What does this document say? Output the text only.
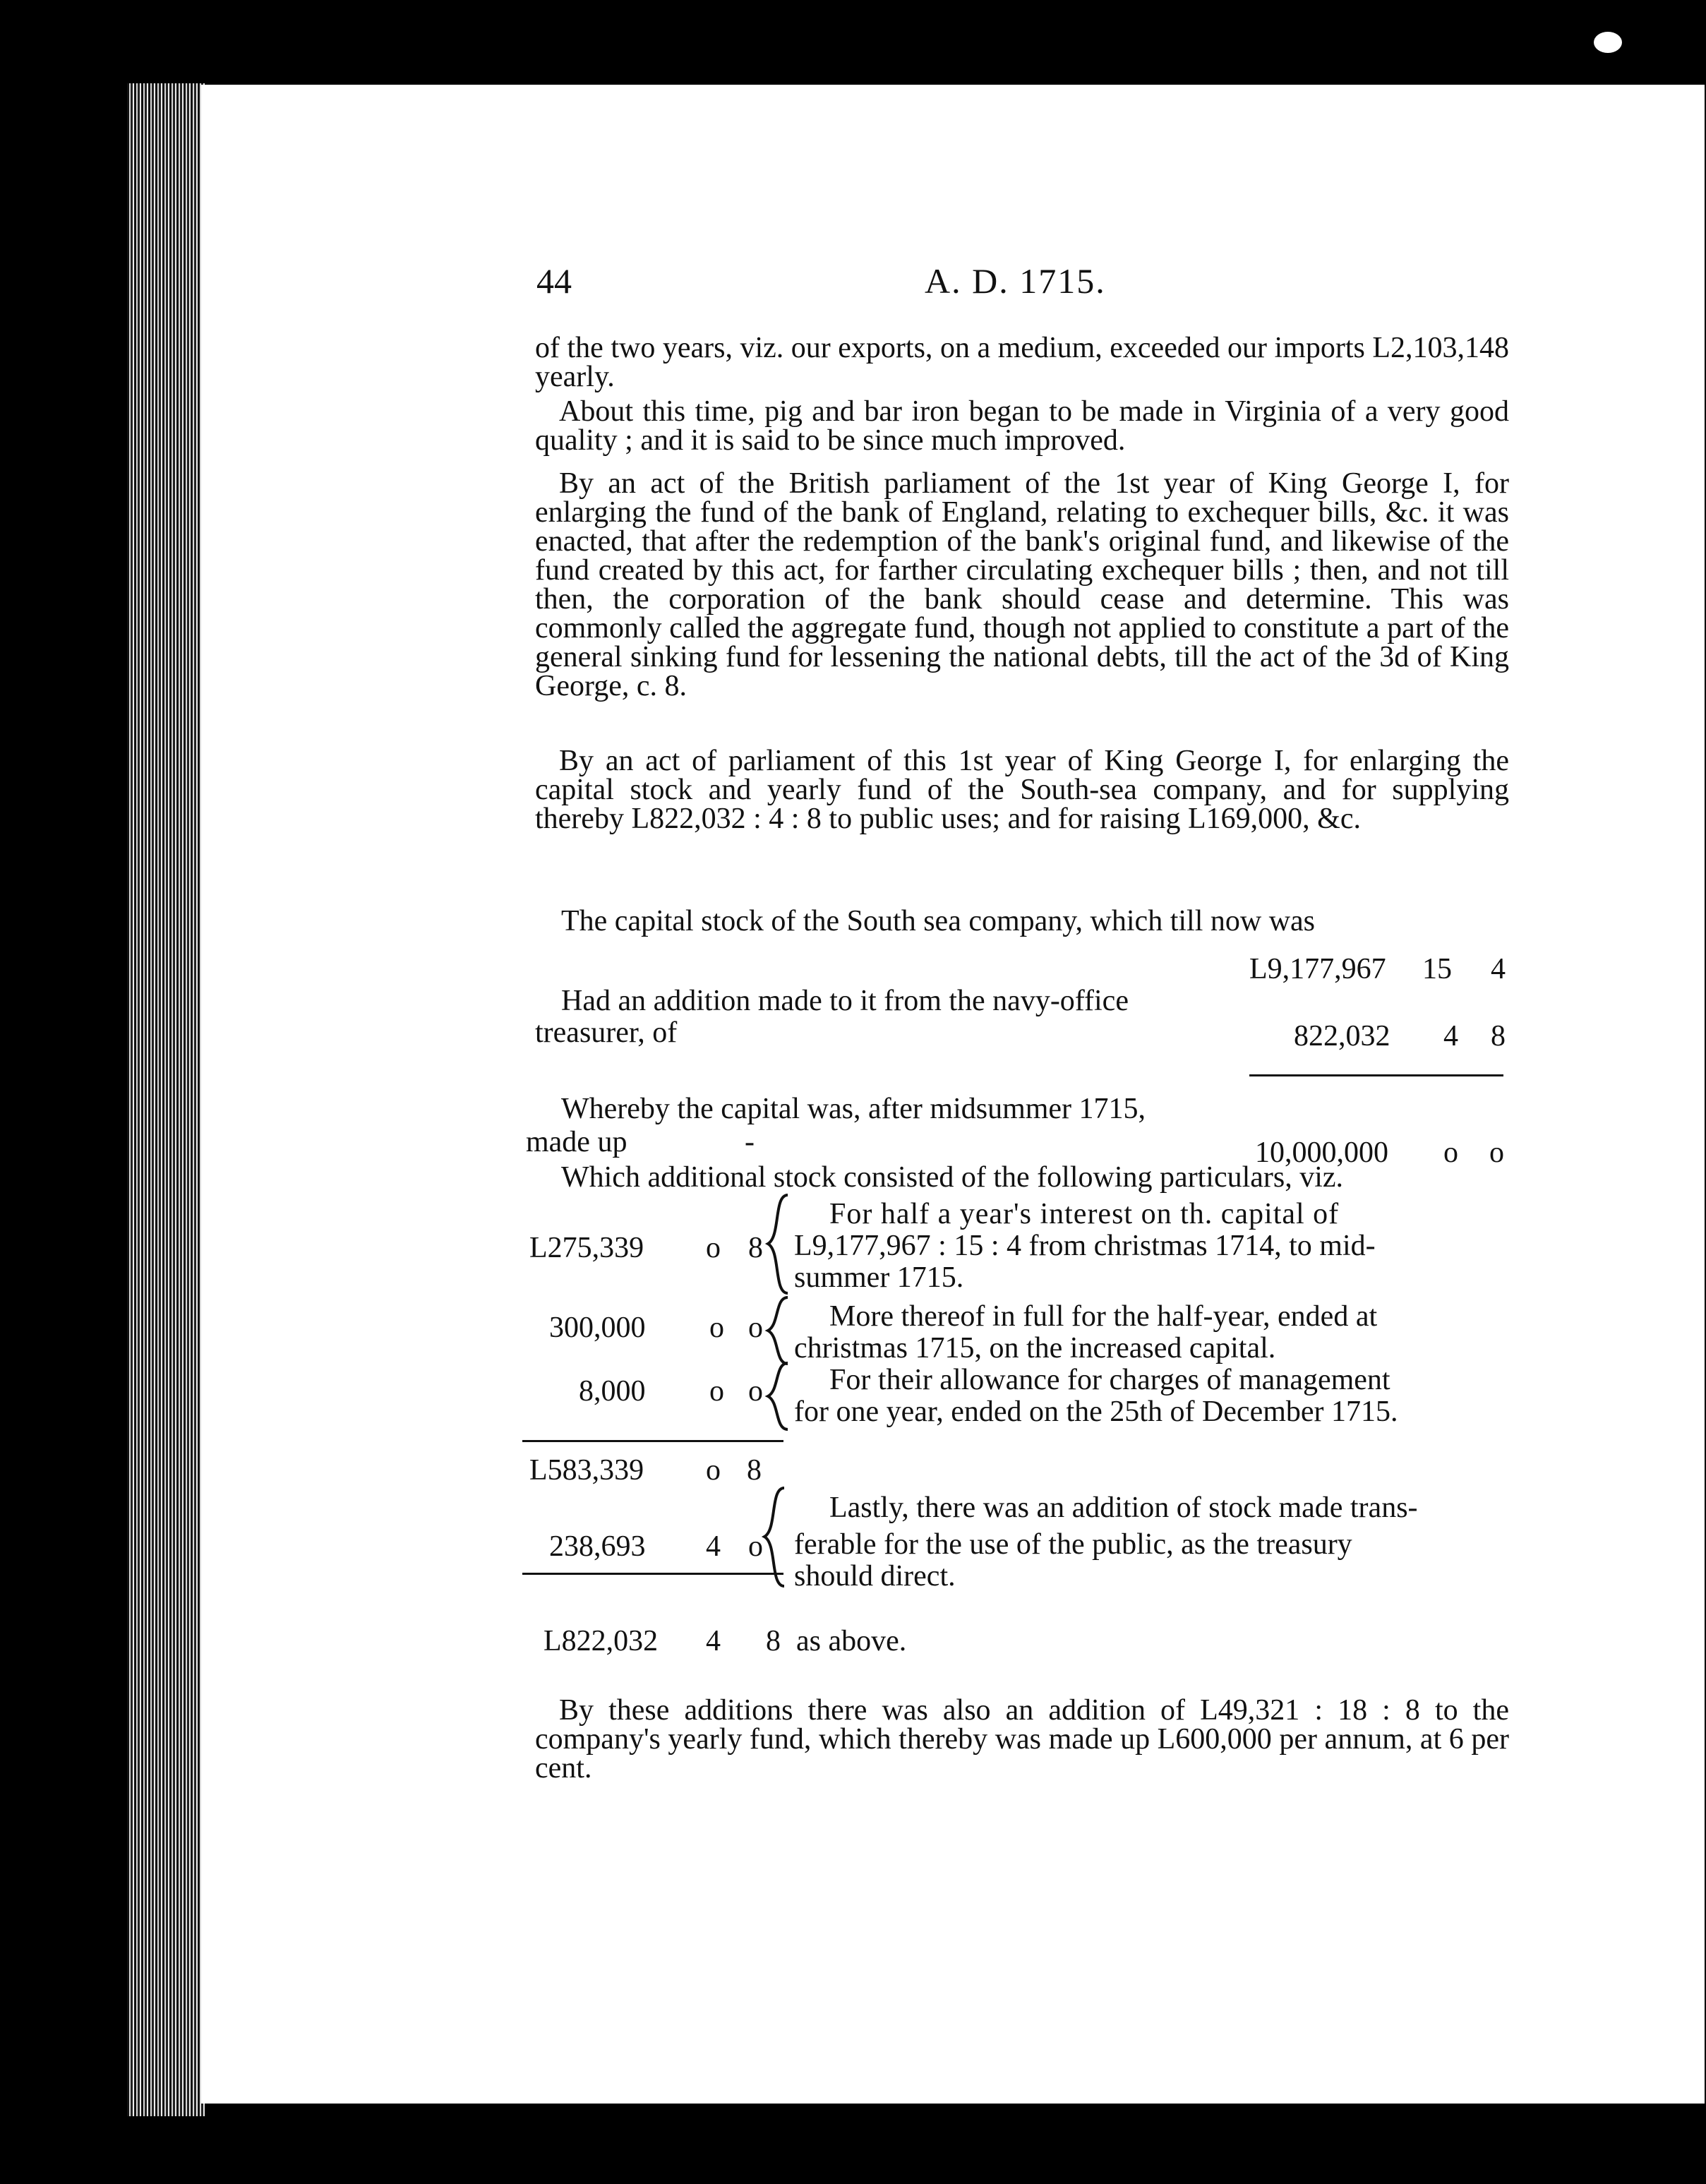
44	A. D. 1715.
of the two years, viz. our exports, on a medium, exceeded our imports L2,103,148 yearly.
About this time, pig and bar iron began to be made in Virginia of a very good quality ; and it is said to be since much improved.
By an act of the British parliament of the 1st year of King George I, for enlarging the fund of the bank of England, relating to exchequer bills, &c. it was enacted, that after the redemption of the bank's original fund, and likewise of the fund created by this act, for farther circulating exchequer bills ; then, and not till then, the corporation of the bank should cease and determine. This was commonly called the aggregate fund, though not applied to constitute a part of the general sinking fund for lessening the national debts, till the act of the 3d of King George, c. 8.
By an act of parliament of this 1st year of King George I, for enlarging the capital stock and yearly fund of the South-sea company, and for supplying thereby L822,032 : 4 : 8 to public uses; and for raising L169,000, &c.
The capital stock of the South sea company, which till now was
L9,177,967 15 4
Had an addition made to it from the navy-office
treasurer, of	822,032 4 8
Whereby the capital was, after midsummer 1715,
made up	-	10,000,000 o o
Which additional stock consisted of the following particulars, viz.
L275,339 o 8
For half a year's interest on th. capital of
L9,177,967 : 15 : 4 from christmas 1714, to mid-
summer 1715.
300,000 o o More thereof in full for the half-year, ended at
christmas 1715, on the increased capital.
8,000 o o For their allowance for charges of management
for one year, ended on the 25th of December 1715.
L583,339 o 8
238,693 4 o
Lastly, there was an addition of stock made trans-
ferable for the use of the public, as the treasury
should direct.
L822,032 4 8 as above.
By these additions there was also an addition of L49,321 : 18 : 8 to the company's yearly fund, which thereby was made up L600,000 per annum, at 6 per cent.
